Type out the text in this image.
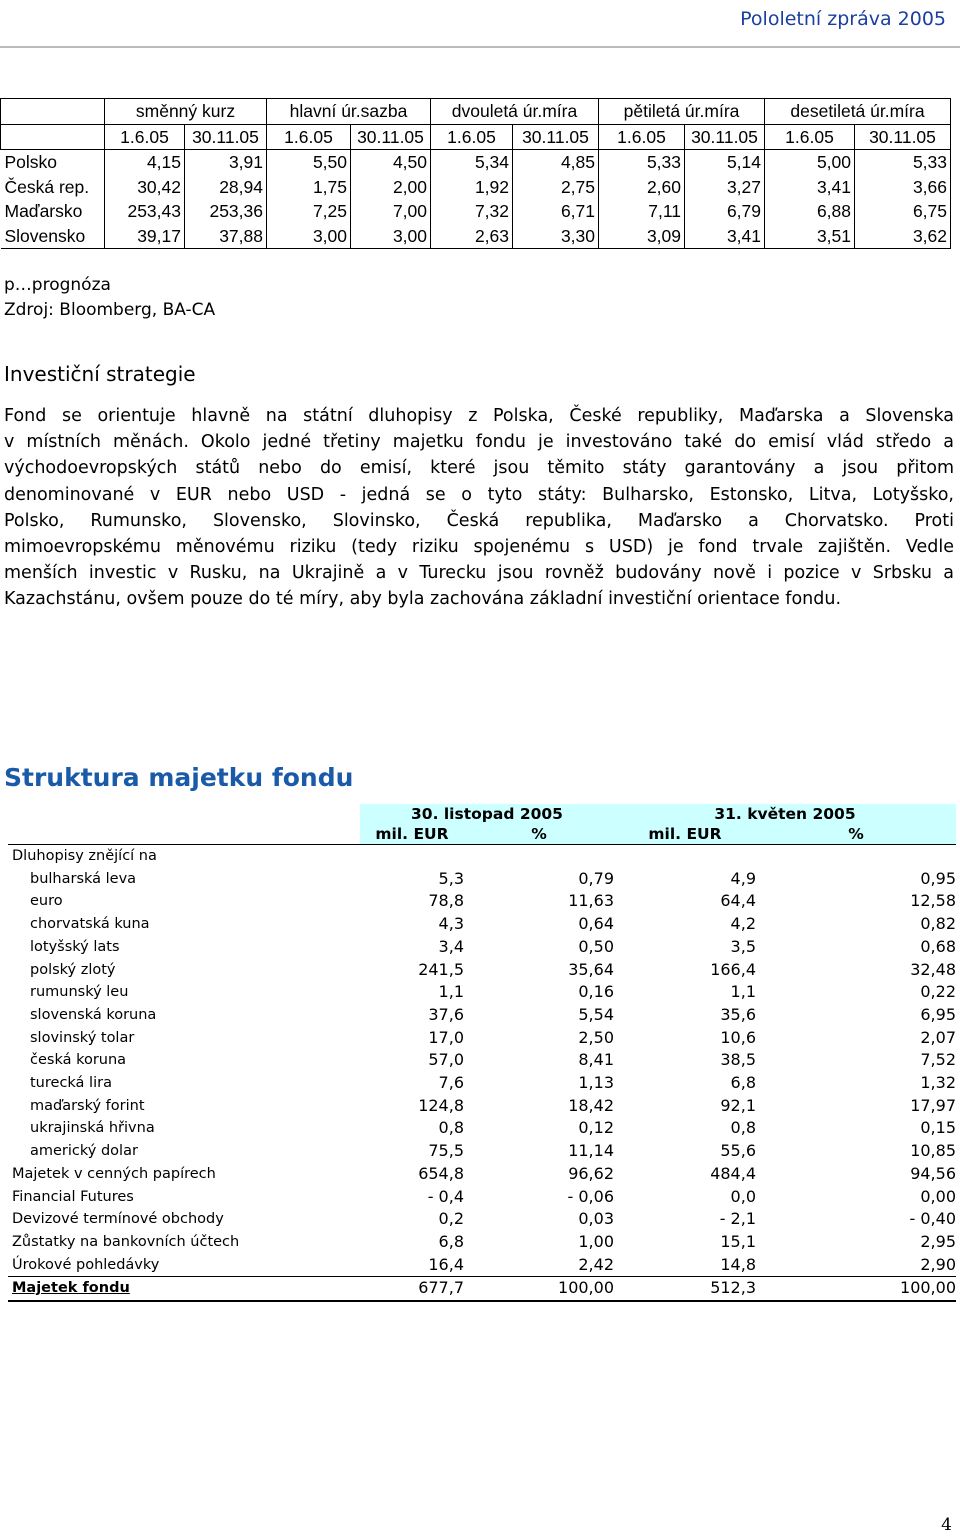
Pololetní zpráva 2005
	směnný kurz		hlavní úr.sazba		dvouletá úr.míra		pětiletá úr.míra		desetiletá úr.míra	
	1.6.05	30.11.05	1.6.05	30.11.05	1.6.05	30.11.05	1.6.05	30.11.05	1.6.05	30.11.05
Polsko	4,15	3,91	5,50	4,50	5,34	4,85	5,33	5,14	5,00	5,33
Česká rep.	30,42	28,94	1,75	2,00	1,92	2,75	2,60	3,27	3,41	3,66
Maďarsko	253,43	253,36	7,25	7,00	7,32	6,71	7,11	6,79	6,88	6,75
Slovensko	39,17	37,88	3,00	3,00	2,63	3,30	3,09	3,41	3,51	3,62
p…prognóza
Zdroj: Bloomberg, BA-CA
Investiční strategie
Fond se orientuje hlavně na státní dluhopisy z Polska, České republiky, Maďarska a Slovenska
v místních měnách. Okolo jedné třetiny majetku fondu je investováno také do emisí vlád středo a
východoevropských států nebo do emisí, které jsou těmito státy garantovány a jsou přitom
denominované v EUR nebo USD - jedná se o tyto státy: Bulharsko, Estonsko, Litva, Lotyšsko,
Polsko, Rumunsko, Slovensko, Slovinsko, Česká republika, Maďarsko a Chorvatsko. Proti
mimoevropskému měnovému riziku (tedy riziku spojenému s USD) je fond trvale zajištěn. Vedle
menších investic v Rusku, na Ukrajině a v Turecku jsou rovněž budovány nově i pozice v Srbsku a
Kazachstánu, ovšem pouze do té míry, aby byla zachována základní investiční orientace fondu.
Struktura majetku fondu
	30. listopad 2005		31. květen 2005	
	mil. EUR	%	mil. EUR	%
Dluhopisy znějící na				
bulharská leva	5,3	0,79	4,9	0,95
euro	78,8	11,63	64,4	12,58
chorvatská kuna	4,3	0,64	4,2	0,82
lotyšský lats	3,4	0,50	3,5	0,68
polský zlotý	241,5	35,64	166,4	32,48
rumunský leu	1,1	0,16	1,1	0,22
slovenská koruna	37,6	5,54	35,6	6,95
slovinský tolar	17,0	2,50	10,6	2,07
česká koruna	57,0	8,41	38,5	7,52
turecká lira	7,6	1,13	6,8	1,32
maďarský forint	124,8	18,42	92,1	17,97
ukrajinská hřivna	0,8	0,12	0,8	0,15
americký dolar	75,5	11,14	55,6	10,85
Majetek v cenných papírech	654,8	96,62	484,4	94,56
Financial Futures	- 0,4	- 0,06	0,0	0,00
Devizové termínové obchody	0,2	0,03	- 2,1	- 0,40
Zůstatky na bankovních účtech	6,8	1,00	15,1	2,95
Úrokové pohledávky	16,4	2,42	14,8	2,90
Majetek fondu	677,7	100,00	512,3	100,00
4
